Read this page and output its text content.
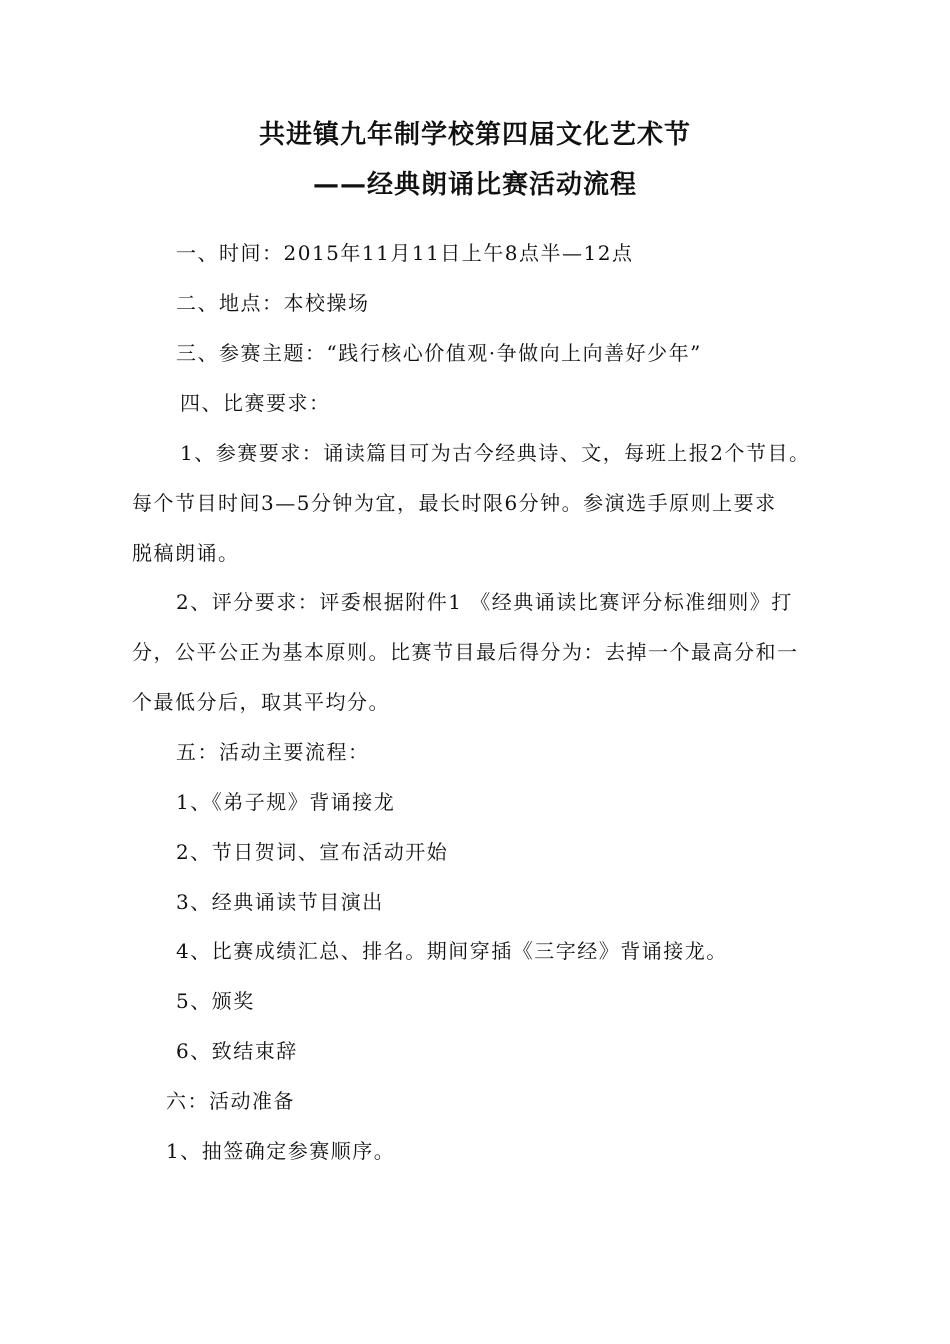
共进镇九年制学校第四届文化艺术节
——经典朗诵比赛活动流程
一、时间：2015年11月11日上午8点半—12点
二、地点：本校操场
三、参赛主题：“践行核心价值观·争做向上向善好少年”
四、比赛要求：
1、参赛要求：诵读篇目可为古今经典诗、文，每班上报2个节目。
每个节目时间3—5分钟为宜，最长时限6分钟。参演选手原则上要求
脱稿朗诵。
2、评分要求：评委根据附件1 《经典诵读比赛评分标准细则》打
分，公平公正为基本原则。比赛节目最后得分为：去掉一个最高分和一
个最低分后，取其平均分。
五：活动主要流程：
1、《弟子规》背诵接龙
2、节日贺词、宣布活动开始
3、经典诵读节目演出
4、比赛成绩汇总、排名。期间穿插《三字经》背诵接龙。
5、颁奖
6、致结束辞
六：活动准备
1、抽签确定参赛顺序。
